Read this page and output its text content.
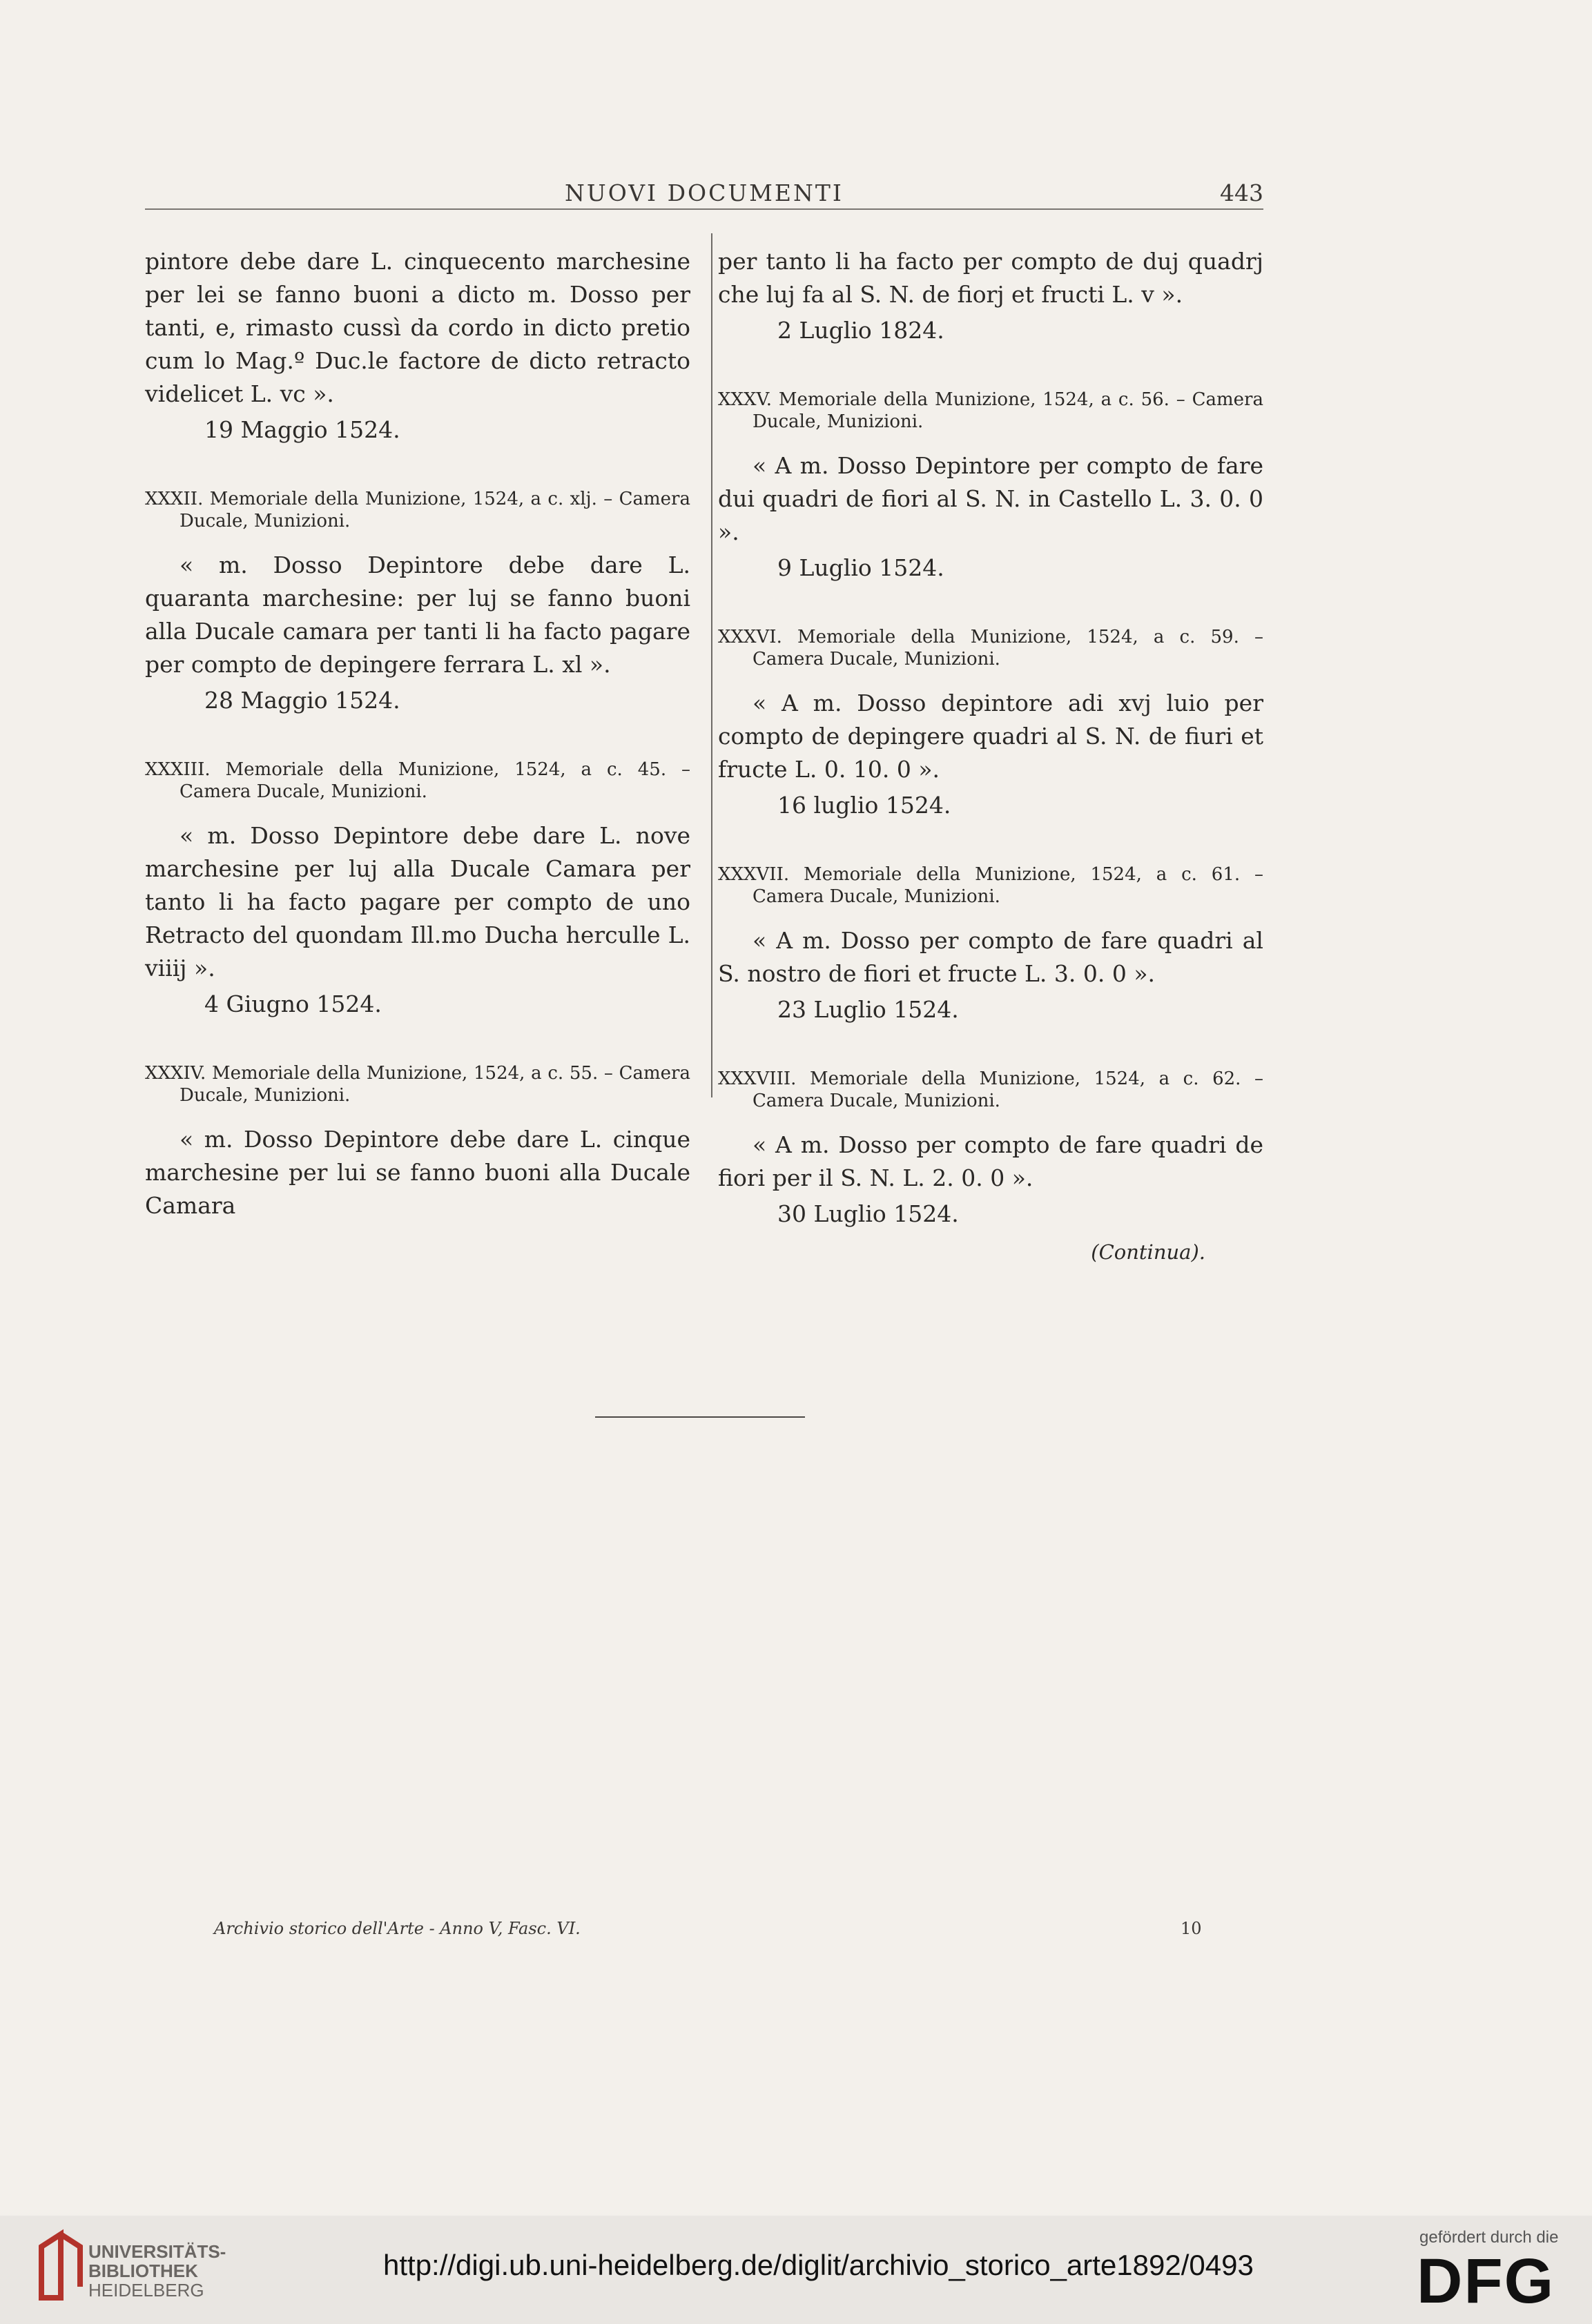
NUOVI DOCUMENTI	443

pintore debe dare L. cinquecento marchesine per lei se fanno buoni a dicto m. Dosso per tanti, e, rimasto cussì da cordo in dicto pretio cum lo Mag.º Duc.le factore de dicto retracto videlicet L. vc ».

19 Maggio 1524.

XXXII. Memoriale della Munizione, 1524, a c. xlj. – Camera Ducale, Munizioni.

« m. Dosso Depintore debe dare L. quaranta marchesine: per luj se fanno buoni alla Ducale camara per tanti li ha facto pagare per compto de depingere ferrara L. xl ».

28 Maggio 1524.

XXXIII. Memoriale della Munizione, 1524, a c. 45. – Camera Ducale, Munizioni.

« m. Dosso Depintore debe dare L. nove marchesine per luj alla Ducale Camara per tanto li ha facto pagare per compto de uno Retracto del quondam Ill.mo Ducha herculle L. viiij ».

4 Giugno 1524.

XXXIV. Memoriale della Munizione, 1524, a c. 55. – Camera Ducale, Munizioni.

« m. Dosso Depintore debe dare L. cinque marchesine per lui se fanno buoni alla Ducale Camara

per tanto li ha facto per compto de duj quadrj che luj fa al S. N. de fiorj et fructi L. v ».

2 Luglio 1824.

XXXV. Memoriale della Munizione, 1524, a c. 56. – Camera Ducale, Munizioni.

« A m. Dosso Depintore per compto de fare dui quadri de fiori al S. N. in Castello L. 3. 0. 0 ».

9 Luglio 1524.

XXXVI. Memoriale della Munizione, 1524, a c. 59. – Camera Ducale, Munizioni.

« A m. Dosso depintore adi xvj luio per compto de depingere quadri al S. N. de fiuri et fructe L. 0. 10. 0 ».

16 luglio 1524.

XXXVII. Memoriale della Munizione, 1524, a c. 61. – Camera Ducale, Munizioni.

« A m. Dosso per compto de fare quadri al S. nostro de fiori et fructe L. 3. 0. 0 ».

23 Luglio 1524.

XXXVIII. Memoriale della Munizione, 1524, a c. 62. – Camera Ducale, Munizioni.

« A m. Dosso per compto de fare quadri de fiori per il S. N. L. 2. 0. 0 ».

30 Luglio 1524.

(Continua).

Archivio storico dell'Arte - Anno V, Fasc. VI.	10
UNIVERSITÄTS-
BIBLIOTHEK
HEIDELBERG
http://digi.ub.uni-heidelberg.de/diglit/archivio_storico_arte1892/0493
gefördert durch die
DFG
